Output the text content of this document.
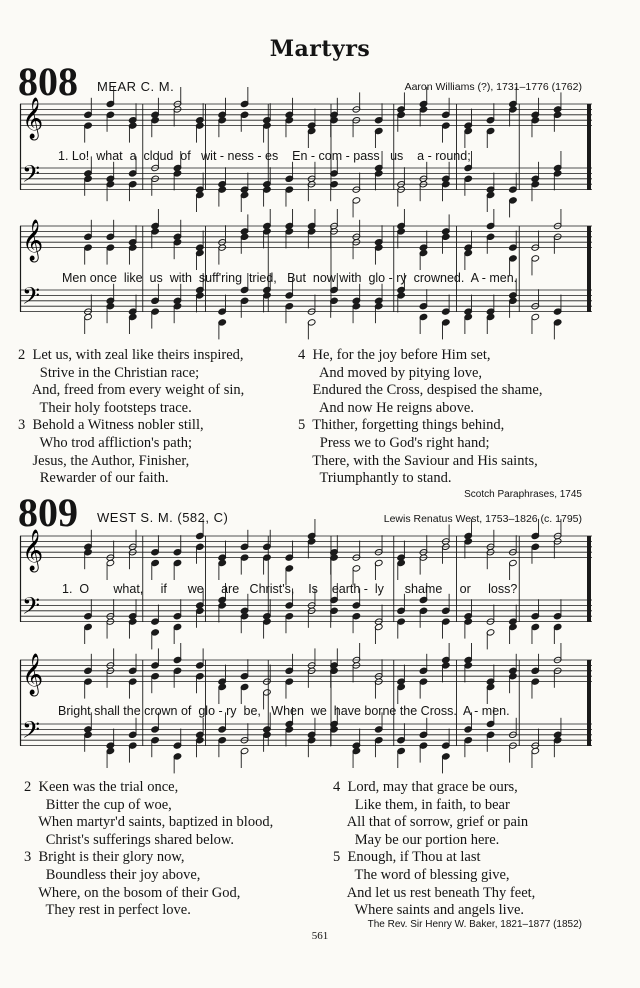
Martyrs
808 MEAR C. M.	Aaron Williams (?), 1731–1776 (1762)
𝄞
𝄢
1. Lo!  what  a  cloud  of   wit - ness - es    En - com - pass   us    a - round;
𝄞
𝄢
Men once  like  us  with  suff'ring  tried,   But  now with  glo - ry  crowned.  A - men.
2  Let us, with zeal like theirs inspired,
Strive in the Christian race;
And, freed from every weight of sin,
Their holy footsteps trace.
3  Behold a Witness nobler still,
Who trod affliction's path;
Jesus, the Author, Finisher,
Rewarder of our faith.
4  He, for the joy before Him set,
And moved by pitying love,
Endured the Cross, despised the shame,
And now He reigns above.
5  Thither, forgetting things behind,
Press we to God's right hand;
There, with the Saviour and His saints,
Triumphantly to stand.
Scotch Paraphrases, 1745
809 WEST S. M. (582, C)	Lewis Renatus West, 1753–1826 (c. 1795)
𝄞
𝄢
1.  O       what,     if      we     are   Christ's,    Is    earth -  ly      shame     or     loss?
𝄞
𝄢
Bright shall the crown of  glo - ry  be,   When  we  have borne the Cross.  A - men.
2  Keen was the trial once,
Bitter the cup of woe,
When martyr'd saints, baptized in blood,
Christ's sufferings shared below.
3  Bright is their glory now,
Boundless their joy above,
Where, on the bosom of their God,
They rest in perfect love.
4  Lord, may that grace be ours,
Like them, in faith, to bear
All that of sorrow, grief or pain
May be our portion here.
5  Enough, if Thou at last
The word of blessing give,
And let us rest beneath Thy feet,
Where saints and angels live.
The Rev. Sir Henry W. Baker, 1821–1877 (1852)
561
